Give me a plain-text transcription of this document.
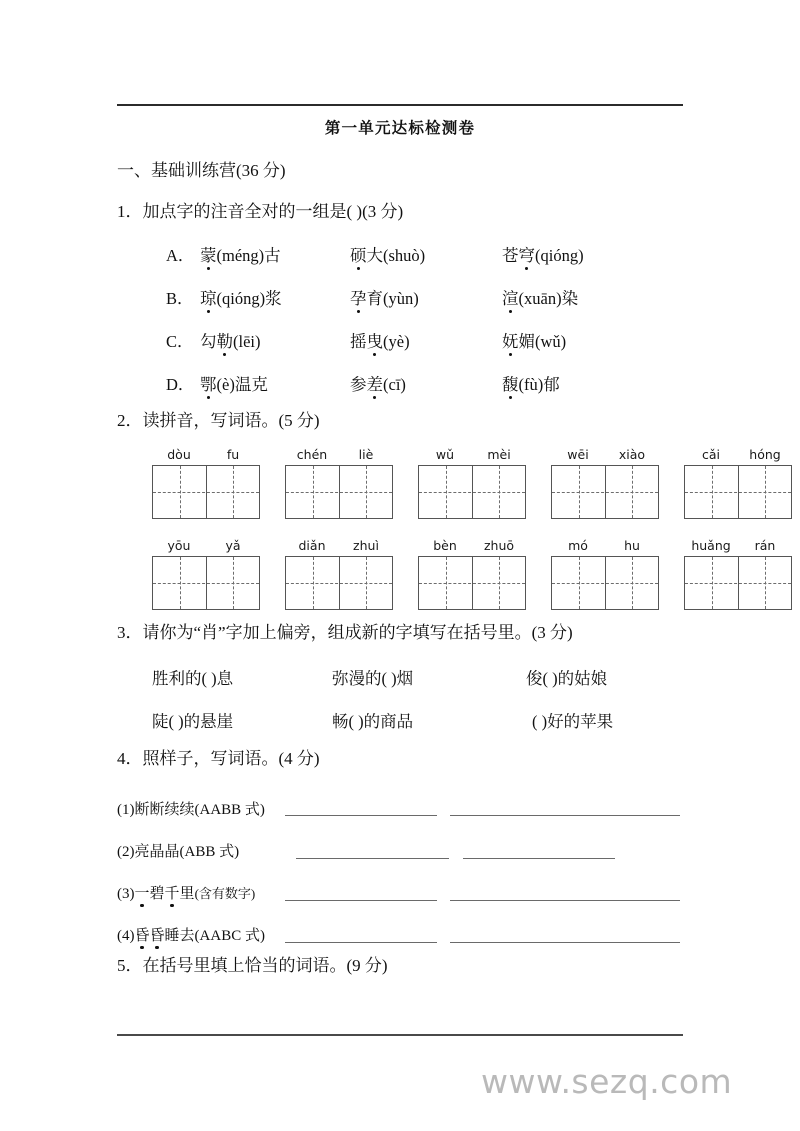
第一单元达标检测卷
一、基础训练营(36 分)
1．加点字的注音全对的一组是( )(3 分)
A． 蒙(méng)古	硕大(shuò)	苍穹(qióng)
B． 琼(qióng)浆	孕育(yùn)	渲(xuān)染
C． 勾勒(lēi)	摇曳(yè)	妩媚(wǔ)
D． 鄂(è)温克	参差(cī)	馥(fù)郁
2．读拼音，写词语。(5 分)
dòu	fu	chén	liè	wǔ	mèi	wēi	xiào	cǎi	hóng
yōu	yǎ	diǎn	zhuì	bèn	zhuō	mó	hu	huǎng	rán
3．请你为“肖”字加上偏旁，组成新的字填写在括号里。(3 分)
胜利的( )息	弥漫的( )烟	俊( )的姑娘
陡( )的悬崖	畅( )的商品	( )好的苹果
4．照样子，写词语。(4 分)
(1)断断续续(AABB 式)
(2)亮晶晶(ABB 式)
(3)一碧千里(含有数字)
(4)昏昏睡去(AABC 式)
5．在括号里填上恰当的词语。(9 分)
www.sezq.com
